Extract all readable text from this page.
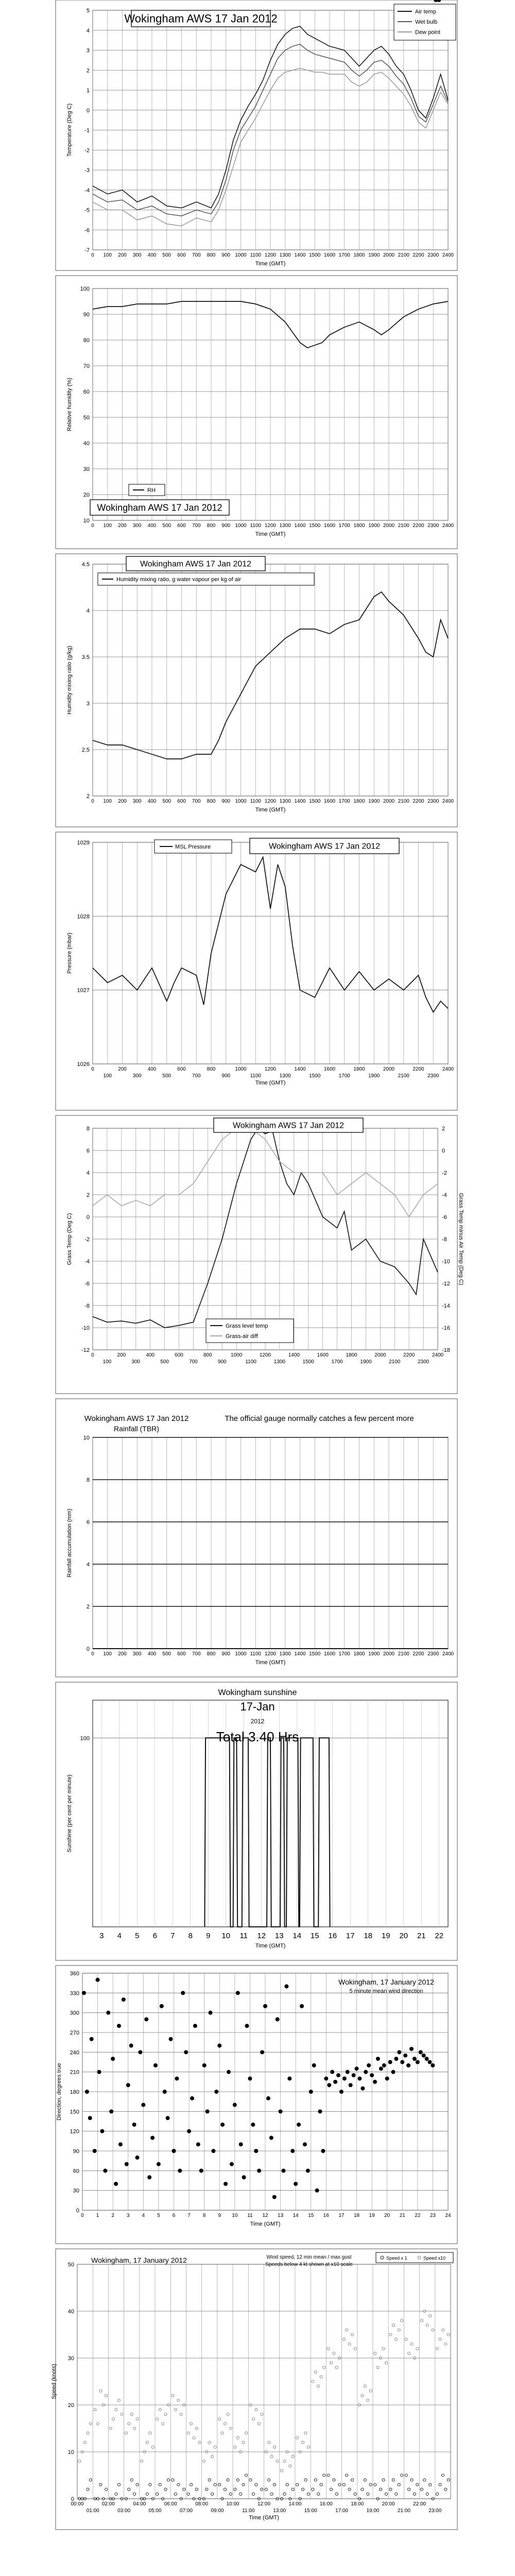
0 100 200 300 400 500 600 700 800 900 1000 1100 1200 1300 1400 1500 1600 1700 1800 1900 2000 2100 2200 2300 2400
-7
-6
-5
-4
-3
-2
-1
0
1
2
3
4
5
Time (GMT)
Temperature (Deg C)
Wokingham AWS 17 Jan 2012
Air temp
Wet bulb
Dew point
0 100 200 300 400 500 600 700 800 900 1000 1100 1200 1300 1400 1500 1600 1700 1800 1900 2000 2100 2200 2300 2400
10
20
30
40
50
60
70
80
90
100
Time (GMT)
Relative humidity (%)
RH
Wokingham AWS 17 Jan 2012
0 100 200 300 400 500 600 700 800 900 1000 1100 1200 1300 1400 1500 1600 1700 1800 1900 2000 2100 2200 2300 2400
2
2.5
3
3.5
4
4.5
Time (GMT)
Humidity mixing ratio (g/kg)
Wokingham AWS 17 Jan 2012
Humidity mixing ratio, g water vapour per kg of air
0	200	400	600	800	1000	1200	1400	1600	1800	2000	2200	2400
100	300	500	700	900	1100	1300	1500	1700	1900	2100	2300
1026
1027
1028
1029
Time (GMT)
Pressure (mbar)
MSL Pressure	Wokingham AWS 17 Jan 2012
0	200	400	600	800	1000	1200	1400	1600	1800	2000	2200	2400
100	300	500	700	900	1100	1300	1500	1700	1900	2100	2300
-12
-10
-8
-6
-4
-2
0
2
4
6
8
-18
-16
-14
-12
-10
-8
-6
-4
-2
0
2
Grass Temp (Deg C)	Grass Temp minus Air Temp (Deg C)
Wokingham AWS 17 Jan 2012
Grass level temp
Grass-air diff
0 100 200 300 400 500 600 700 800 900 1000 1100 1200 1300 1400 1500 1600 1700 1800 1900 2000 2100 2200 2300 2400
0
2
4
6
8
10
Time (GMT)
Rainfall accumulation (mm)
Wokingham AWS 17 Jan 2012
Rainfall (TBR)
The official gauge normally catches a few percent more
3 4 5 6 7 8 9 10 11 12 13 14 15 16 17 18 19 20 21 22
100
Time (GMT)
Sunshine (per cent per minute)
Wokingham sunshine
17-Jan
2012
Total 3.40 Hrs
0 1 2 3 4 5 6 7 8 9 10 11 12 13 14 15 16 17 18 19 20 21 22 23 24
0
30
60
90
120
150
180
210
240
270
300
330
360
Time (GMT)
Direction, degrees true
Wokingham, 17 January 2012
5 minute mean wind direction
00:00	02:00	04:00	06:00	08:00	10:00	12:00	14:00	16:00	18:00	20:00	22:00
01:00	03:00	05:00	07:00	09:00	11:00	13:00	15:00	17:00	19:00	21:00	23:00
0
10
20
30
40
50
Time (GMT)
Speed (knots)
Wokingham, 17 January 2012	Wind speed, 12 min mean / max gust
Speeds below 4 kt shown at x10 scale
Speed x 1	Speed x10
